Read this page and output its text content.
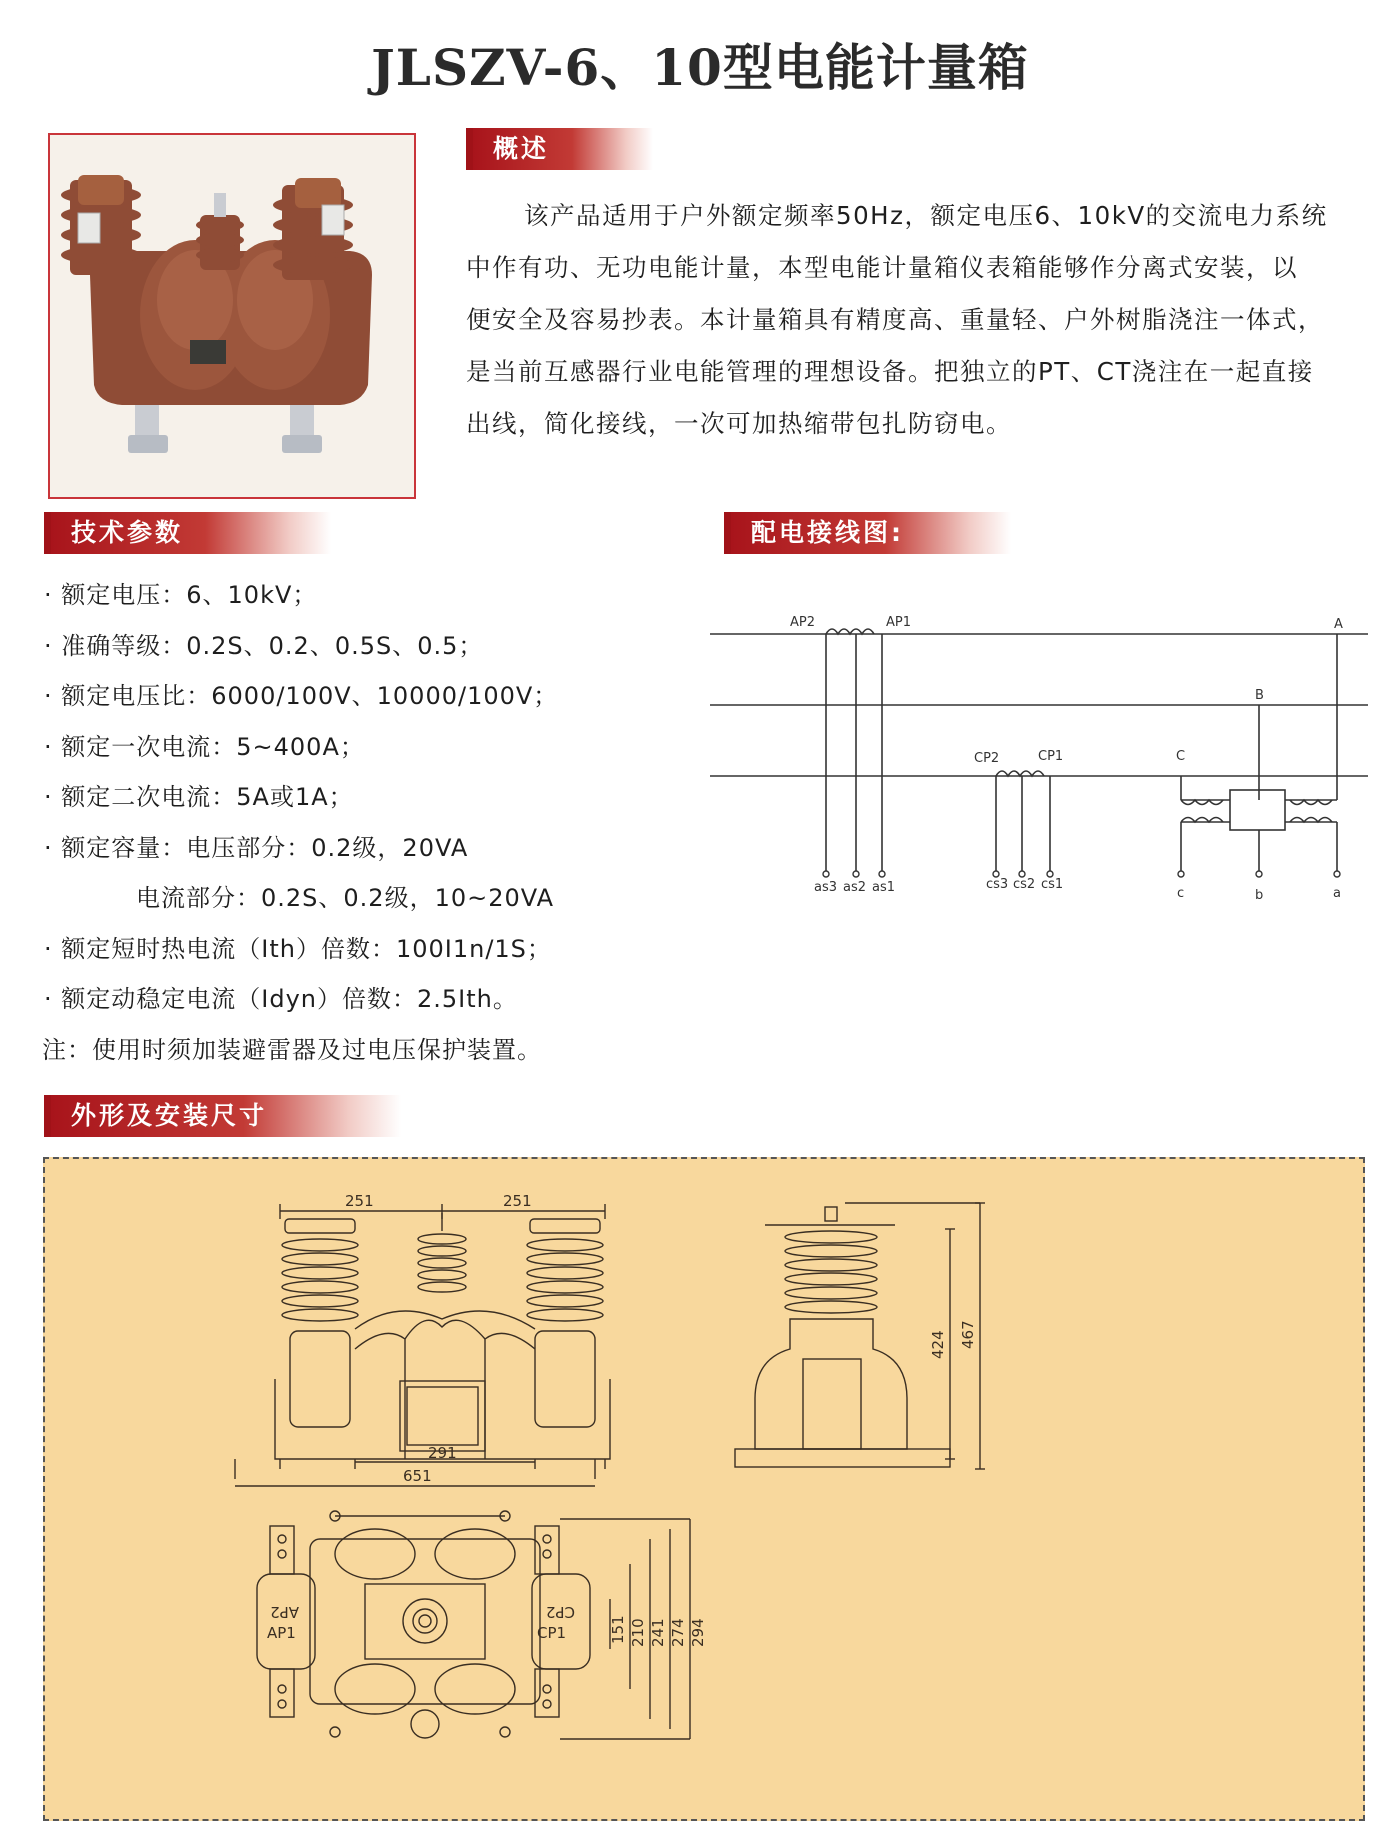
JLSZV-6、10型电能计量箱
概述
该产品适用于户外额定频率50Hz，额定电压6、10kV的交流电力系统
中作有功、无功电能计量，本型电能计量箱仪表箱能够作分离式安装，以
便安全及容易抄表。本计量箱具有精度高、重量轻、户外树脂浇注一体式，
是当前互感器行业电能管理的理想设备。把独立的PT、CT浇注在一起直接
出线，简化接线，一次可加热缩带包扎防窃电。
技术参数
· 额定电压：6、10kV；
· 准确等级：0.2S、0.2、0.5S、0.5；
· 额定电压比：6000/100V、10000/100V；
· 额定一次电流：5~400A；
· 额定二次电流：5A或1A；
· 额定容量：电压部分：0.2级，20VA
电流部分：0.2S、0.2级，10~20VA
· 额定短时热电流（Ith）倍数：100I1n/1S；
· 额定动稳定电流（Idyn）倍数：2.5Ith。
注：使用时须加装避雷器及过电压保护装置。
配电接线图:
AP2	AP1	A
B
C
CP2	CP1
as3 as2 as1	cs3 cs2 cs1
c	b	a
外形及安装尺寸
251	251
291
651
424 467
151 210 241 274 294
AP1
AP2
CP1
CP2
